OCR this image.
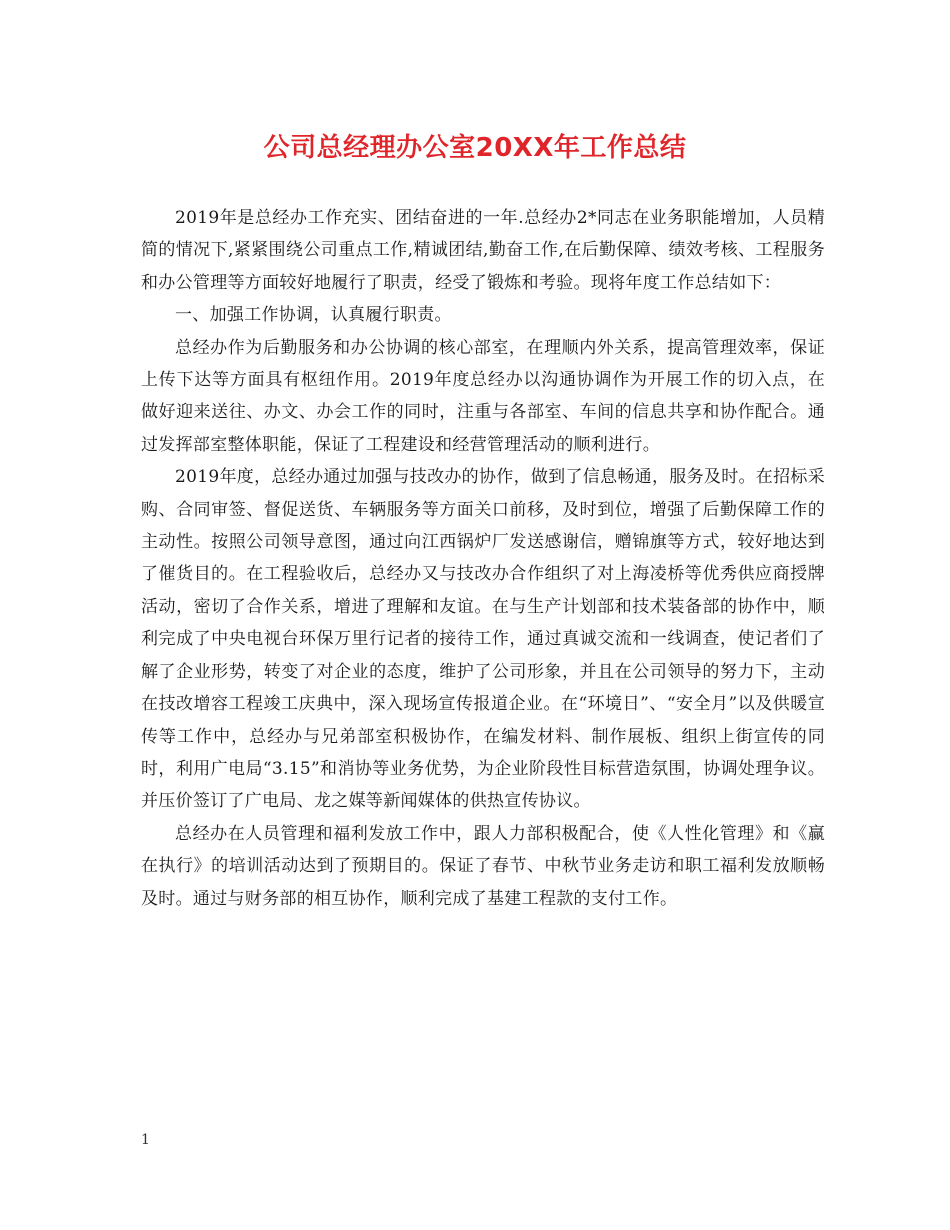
公司总经理办公室20XX年工作总结

2019年是总经办工作充实、团结奋进的一年.总经办2*同志在业务职能增加，人员精简的情况下,紧紧围绕公司重点工作,精诚团结,勤奋工作,在后勤保障、绩效考核、工程服务和办公管理等方面较好地履行了职责，经受了锻炼和考验。现将年度工作总结如下：

一、加强工作协调，认真履行职责。

总经办作为后勤服务和办公协调的核心部室，在理顺内外关系，提高管理效率，保证上传下达等方面具有枢纽作用。2019年度总经办以沟通协调作为开展工作的切入点，在做好迎来送往、办文、办会工作的同时，注重与各部室、车间的信息共享和协作配合。通过发挥部室整体职能，保证了工程建设和经营管理活动的顺利进行。

2019年度，总经办通过加强与技改办的协作，做到了信息畅通，服务及时。在招标采购、合同审签、督促送货、车辆服务等方面关口前移，及时到位，增强了后勤保障工作的主动性。按照公司领导意图，通过向江西锅炉厂发送感谢信，赠锦旗等方式，较好地达到了催货目的。在工程验收后，总经办又与技改办合作组织了对上海凌桥等优秀供应商授牌活动，密切了合作关系，增进了理解和友谊。在与生产计划部和技术装备部的协作中，顺利完成了中央电视台环保万里行记者的接待工作，通过真诚交流和一线调查，使记者们了解了企业形势，转变了对企业的态度，维护了公司形象，并且在公司领导的努力下，主动在技改增容工程竣工庆典中，深入现场宣传报道企业。在“环境日”、“安全月”以及供暖宣传等工作中，总经办与兄弟部室积极协作，在编发材料、制作展板、组织上街宣传的同时，利用广电局“3.15”和消协等业务优势，为企业阶段性目标营造氛围，协调处理争议。并压价签订了广电局、龙之媒等新闻媒体的供热宣传协议。

总经办在人员管理和福利发放工作中，跟人力部积极配合，使《人性化管理》和《赢在执行》的培训活动达到了预期目的。保证了春节、中秋节业务走访和职工福利发放顺畅及时。通过与财务部的相互协作，顺利完成了基建工程款的支付工作。

1
